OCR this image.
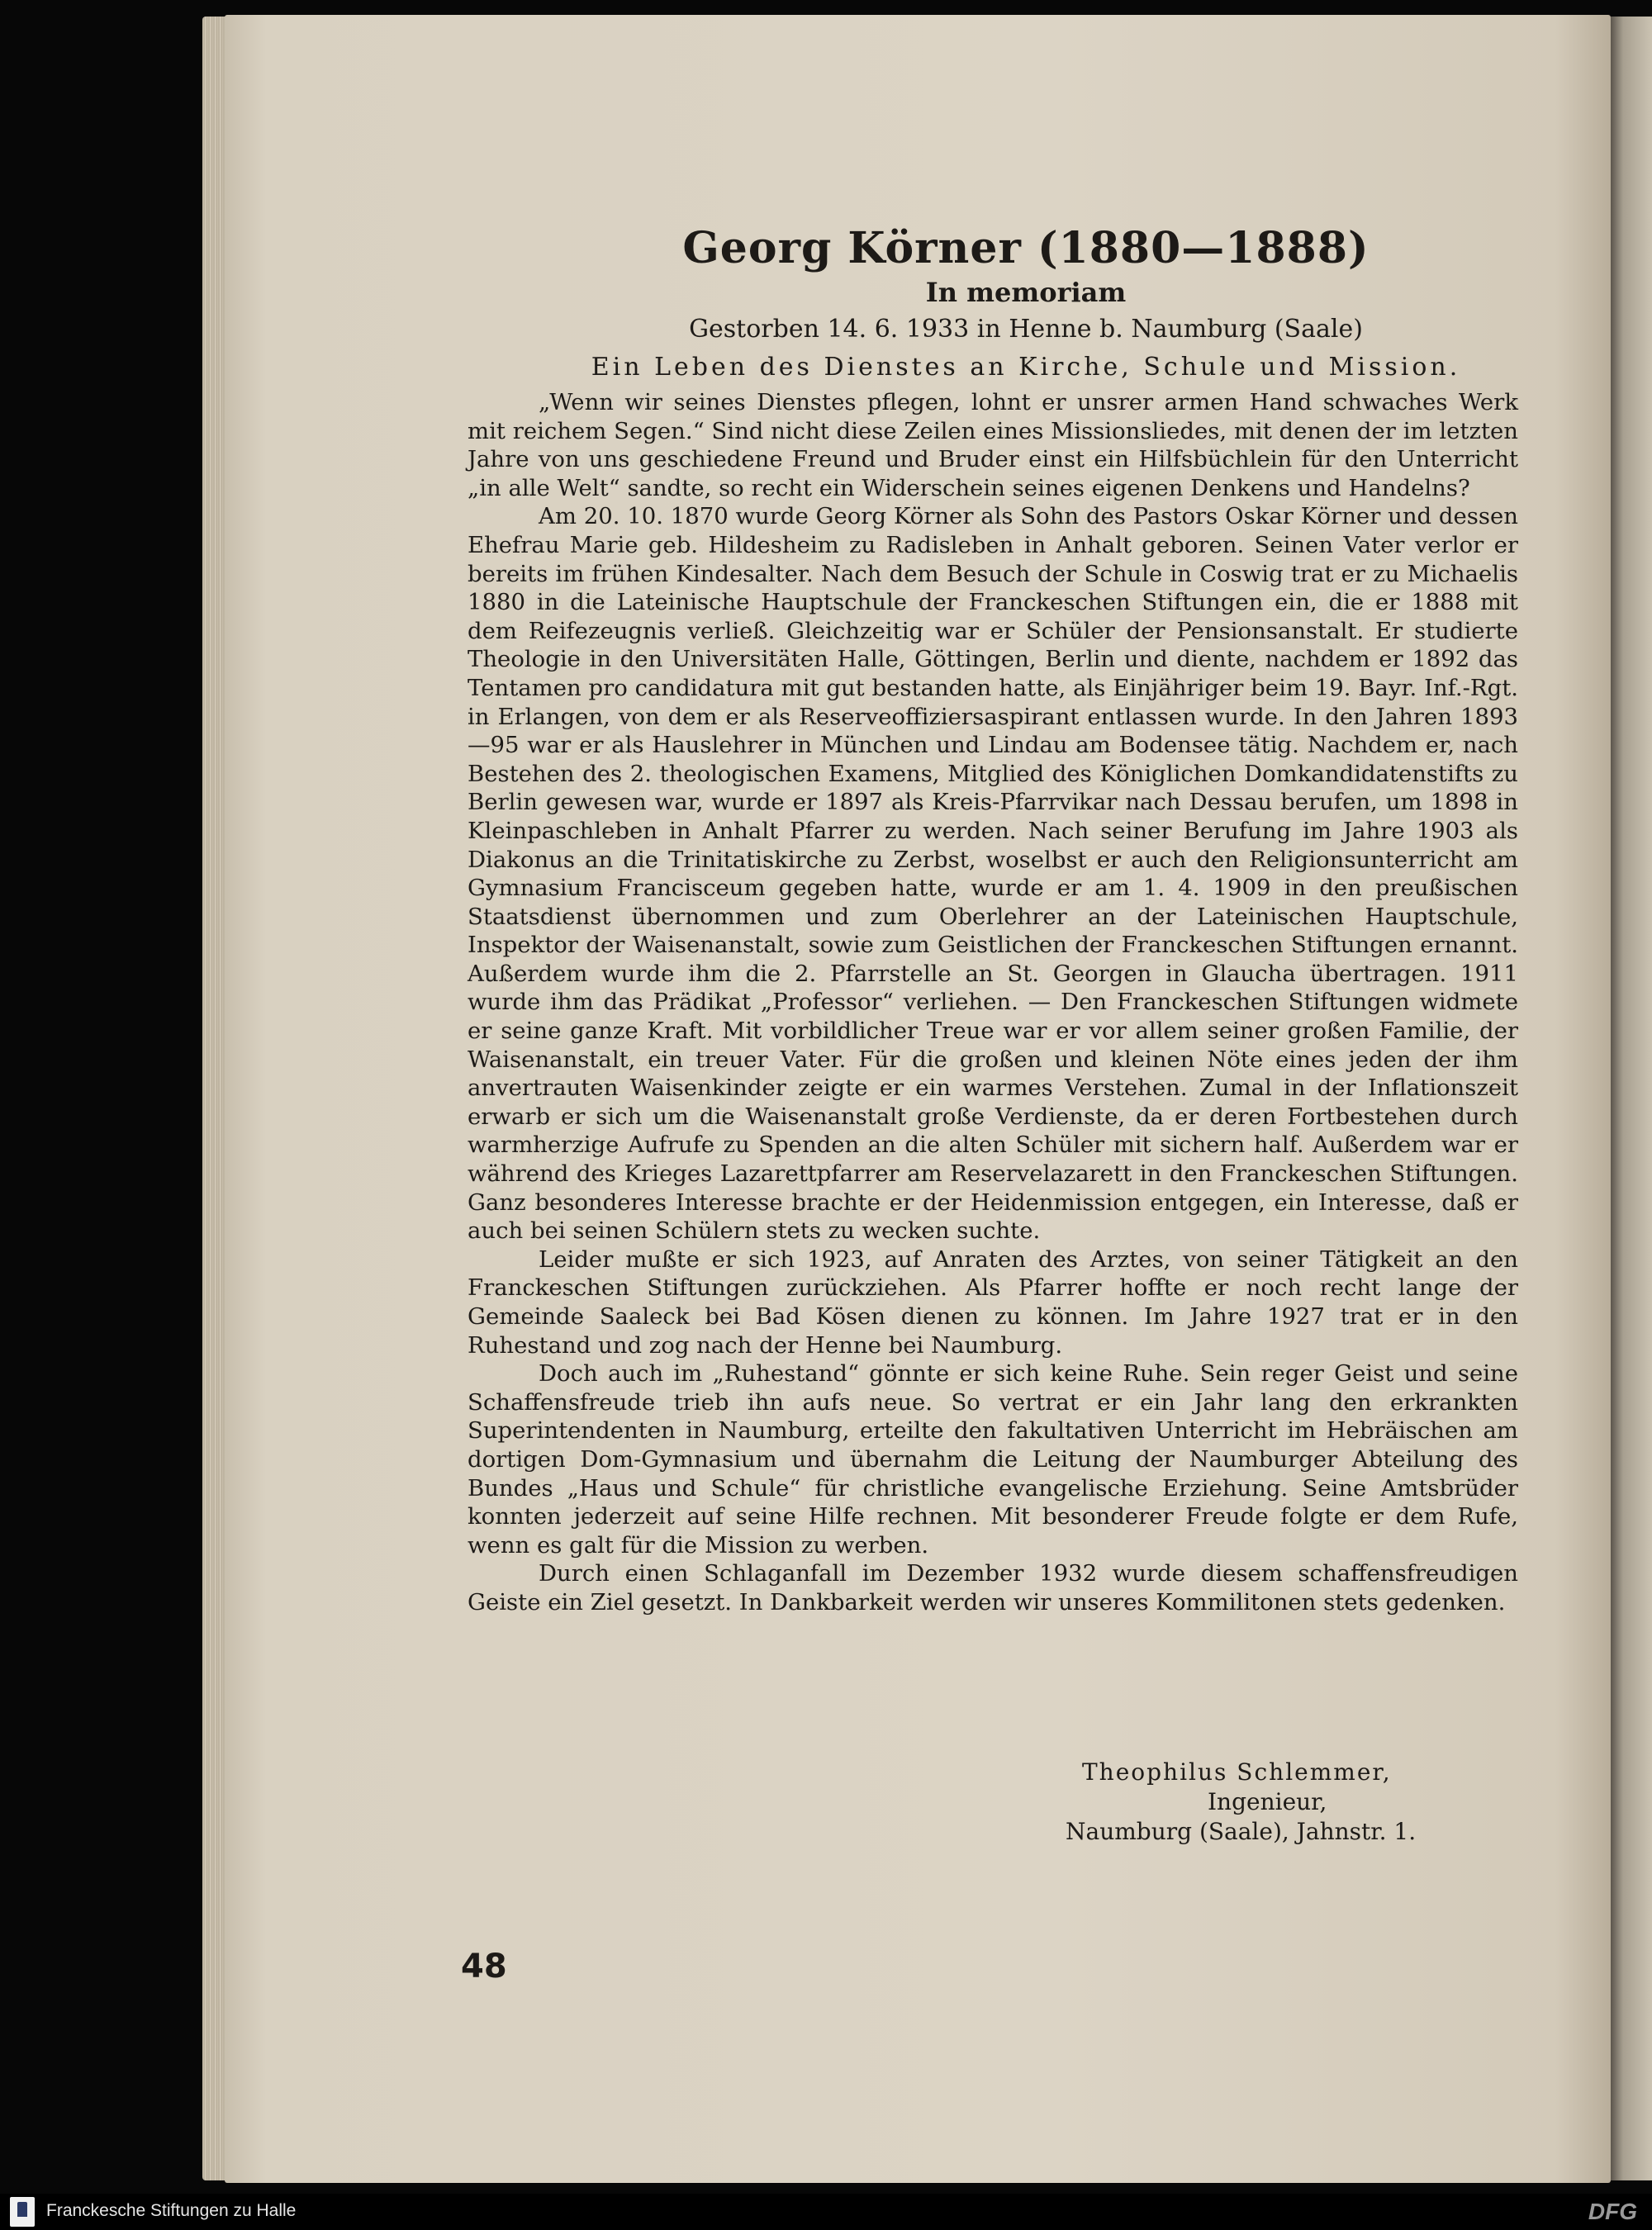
Georg Körner (1880—1888)
In memoriam
Gestorben 14. 6. 1933 in Henne b. Naumburg (Saale)
Ein Leben des Dienstes an Kirche, Schule und Mission.

„Wenn wir seines Dienstes pflegen, lohnt er unsrer armen Hand schwaches Werk mit reichem Segen.“ Sind nicht diese Zeilen eines Missionsliedes, mit denen der im letzten Jahre von uns geschiedene Freund und Bruder einst ein Hilfsbüchlein für den Unterricht „in alle Welt“ sandte, so recht ein Widerschein seines eigenen Denkens und Handelns?

Am 20. 10. 1870 wurde Georg Körner als Sohn des Pastors Oskar Körner und dessen Ehefrau Marie geb. Hildesheim zu Radisleben in Anhalt geboren. Seinen Vater verlor er bereits im frühen Kindesalter. Nach dem Besuch der Schule in Coswig trat er zu Michaelis 1880 in die Lateinische Hauptschule der Franckeschen Stiftungen ein, die er 1888 mit dem Reifezeugnis verließ. Gleichzeitig war er Schüler der Pensionsanstalt. Er studierte Theologie in den Universitäten Halle, Göttingen, Berlin und diente, nachdem er 1892 das Tentamen pro candidatura mit gut bestanden hatte, als Einjähriger beim 19. Bayr. Inf.-Rgt. in Erlangen, von dem er als Reserveoffiziersaspirant entlassen wurde. In den Jahren 1893—95 war er als Hauslehrer in München und Lindau am Bodensee tätig. Nachdem er, nach Bestehen des 2. theologischen Examens, Mitglied des Königlichen Domkandidatenstifts zu Berlin gewesen war, wurde er 1897 als Kreis-Pfarrvikar nach Dessau berufen, um 1898 in Kleinpaschleben in Anhalt Pfarrer zu werden. Nach seiner Berufung im Jahre 1903 als Diakonus an die Trinitatiskirche zu Zerbst, woselbst er auch den Religionsunterricht am Gymnasium Francisceum gegeben hatte, wurde er am 1. 4. 1909 in den preußischen Staatsdienst übernommen und zum Oberlehrer an der Lateinischen Hauptschule, Inspektor der Waisenanstalt, sowie zum Geistlichen der Franckeschen Stiftungen ernannt. Außerdem wurde ihm die 2. Pfarrstelle an St. Georgen in Glaucha übertragen. 1911 wurde ihm das Prädikat „Professor“ verliehen. — Den Franckeschen Stiftungen widmete er seine ganze Kraft. Mit vorbildlicher Treue war er vor allem seiner großen Familie, der Waisenanstalt, ein treuer Vater. Für die großen und kleinen Nöte eines jeden der ihm anvertrauten Waisenkinder zeigte er ein warmes Verstehen. Zumal in der Inflationszeit erwarb er sich um die Waisenanstalt große Verdienste, da er deren Fortbestehen durch warmherzige Aufrufe zu Spenden an die alten Schüler mit sichern half. Außerdem war er während des Krieges Lazarettpfarrer am Reservelazarett in den Franckeschen Stiftungen. Ganz besonderes Interesse brachte er der Heidenmission entgegen, ein Interesse, daß er auch bei seinen Schülern stets zu wecken suchte.

Leider mußte er sich 1923, auf Anraten des Arztes, von seiner Tätigkeit an den Franckeschen Stiftungen zurückziehen. Als Pfarrer hoffte er noch recht lange der Gemeinde Saaleck bei Bad Kösen dienen zu können. Im Jahre 1927 trat er in den Ruhestand und zog nach der Henne bei Naumburg.

Doch auch im „Ruhestand“ gönnte er sich keine Ruhe. Sein reger Geist und seine Schaffensfreude trieb ihn aufs neue. So vertrat er ein Jahr lang den erkrankten Superintendenten in Naumburg, erteilte den fakultativen Unterricht im Hebräischen am dortigen Dom-Gymnasium und übernahm die Leitung der Naumburger Abteilung des Bundes „Haus und Schule“ für christliche evangelische Erziehung. Seine Amtsbrüder konnten jederzeit auf seine Hilfe rechnen. Mit besonderer Freude folgte er dem Rufe, wenn es galt für die Mission zu werben.

Durch einen Schlaganfall im Dezember 1932 wurde diesem schaffensfreudigen Geiste ein Ziel gesetzt. In Dankbarkeit werden wir unseres Kommilitonen stets gedenken.

Theophilus Schlemmer,
Ingenieur,
Naumburg (Saale), Jahnstr. 1.
48
Franckesche Stiftungen zu Halle	DFG
